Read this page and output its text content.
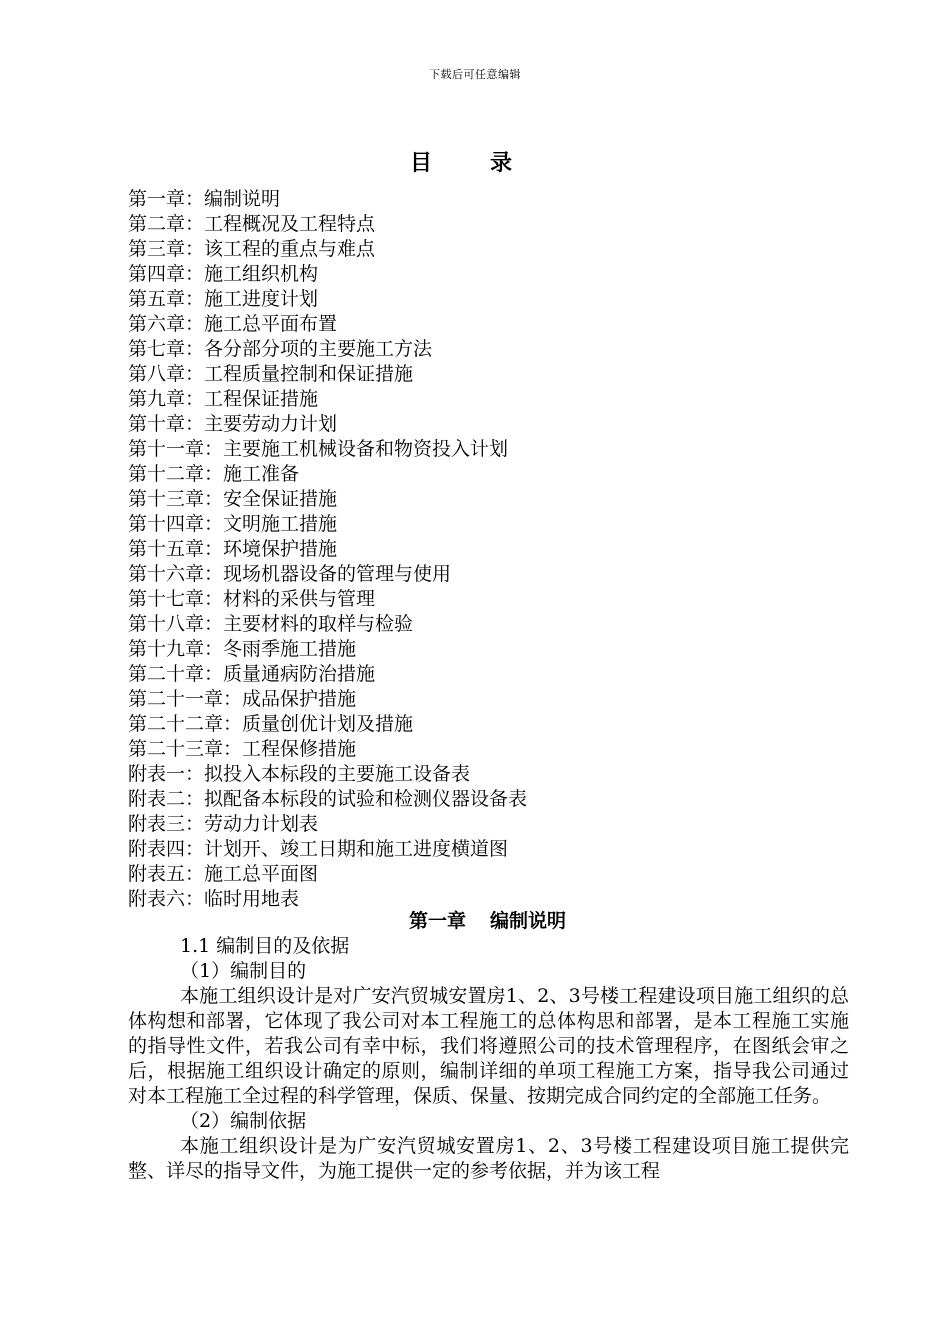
下载后可任意编辑
目录
第一章：编制说明
第二章：工程概况及工程特点
第三章：该工程的重点与难点
第四章：施工组织机构
第五章：施工进度计划
第六章：施工总平面布置
第七章：各分部分项的主要施工方法
第八章：工程质量控制和保证措施
第九章：工程保证措施
第十章：主要劳动力计划
第十一章：主要施工机械设备和物资投入计划
第十二章：施工准备
第十三章：安全保证措施
第十四章：文明施工措施
第十五章：环境保护措施
第十六章：现场机器设备的管理与使用
第十七章：材料的采供与管理
第十八章：主要材料的取样与检验
第十九章：冬雨季施工措施
第二十章：质量通病防治措施
第二十一章：成品保护措施
第二十二章：质量创优计划及措施
第二十三章：工程保修措施
附表一：拟投入本标段的主要施工设备表
附表二：拟配备本标段的试验和检测仪器设备表
附表三：劳动力计划表
附表四：计划开、竣工日期和施工进度横道图
附表五：施工总平面图
附表六：临时用地表
第一章 编制说明
1.1 编制目的及依据
（1）编制目的
本施工组织设计是对广安汽贸城安置房1、2、3号楼工程建设项目施工组织的总体构想和部署，它体现了我公司对本工程施工的总体构思和部署，是本工程施工实施的指导性文件，若我公司有幸中标，我们将遵照公司的技术管理程序，在图纸会审之后，根据施工组织设计确定的原则，编制详细的单项工程施工方案，指导我公司通过对本工程施工全过程的科学管理，保质、保量、按期完成合同约定的全部施工任务。
（2）编制依据
本施工组织设计是为广安汽贸城安置房1、2、3号楼工程建设项目施工提供完整、详尽的指导文件，为施工提供一定的参考依据，并为该工程
